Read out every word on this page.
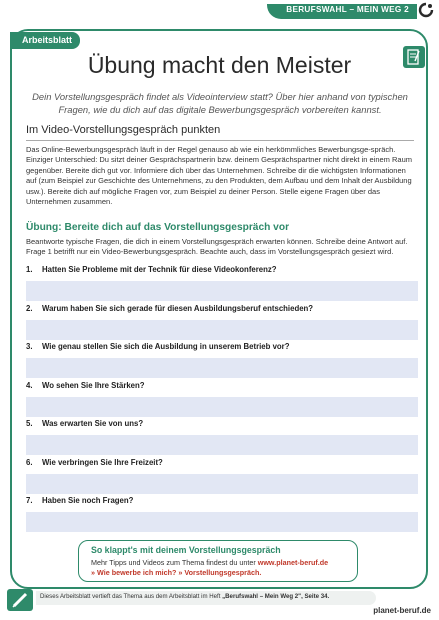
BERUFSWAHL – MEIN WEG 2
Arbeitsblatt
Übung macht den Meister
Dein Vorstellungsgespräch findet als Videointerview statt? Über hier anhand von typischen Fragen, wie du dich auf das digitale Bewerbungsgespräch vorbereiten kannst.
Im Video-Vorstellungsgespräch punkten
Das Online-Bewerbungsgespräch läuft in der Regel genauso ab wie ein herkömmliches Bewerbungsge-spräch. Einziger Unterschied: Du sitzt deiner Gesprächspartnerin bzw. deinem Gesprächspartner nicht direkt in einem Raum gegenüber. Bereite dich gut vor. Informiere dich über das Unternehmen. Schreibe dir die wichtigsten Informationen auf (zum Beispiel zur Geschichte des Unternehmens, zu den Produkten, dem Aufbau und dem Inhalt der Ausbildung usw.). Bereite dich auf mögliche Fragen vor, zum Beispiel zu deiner Person. Stelle eigene Fragen über das Unternehmen zusammen.
Übung: Bereite dich auf das Vorstellungsgespräch vor
Beantworte typische Fragen, die dich in einem Vorstellungsgespräch erwarten können. Schreibe deine Antwort auf. Frage 1 betrifft nur ein Video-Bewerbungsgespräch. Beachte auch, dass im Vorstellungsgespräch gesiezt wird.
1. Hatten Sie Probleme mit der Technik für diese Videokonferenz?
2. Warum haben Sie sich gerade für diesen Ausbildungsberuf entschieden?
3. Wie genau stellen Sie sich die Ausbildung in unserem Betrieb vor?
4. Wo sehen Sie Ihre Stärken?
5. Was erwarten Sie von uns?
6. Wie verbringen Sie Ihre Freizeit?
7. Haben Sie noch Fragen?
So klappt's mit deinem Vorstellungsgespräch
Mehr Tipps und Videos zum Thema findest du unter www.planet-beruf.de
» Wie bewerbe ich mich? » Vorstellungsgespräch.
Dieses Arbeitsblatt vertieft das Thema aus dem Arbeitsblatt im Heft „Berufswahl – Mein Weg 2", Seite 34.
planet-beruf.de
